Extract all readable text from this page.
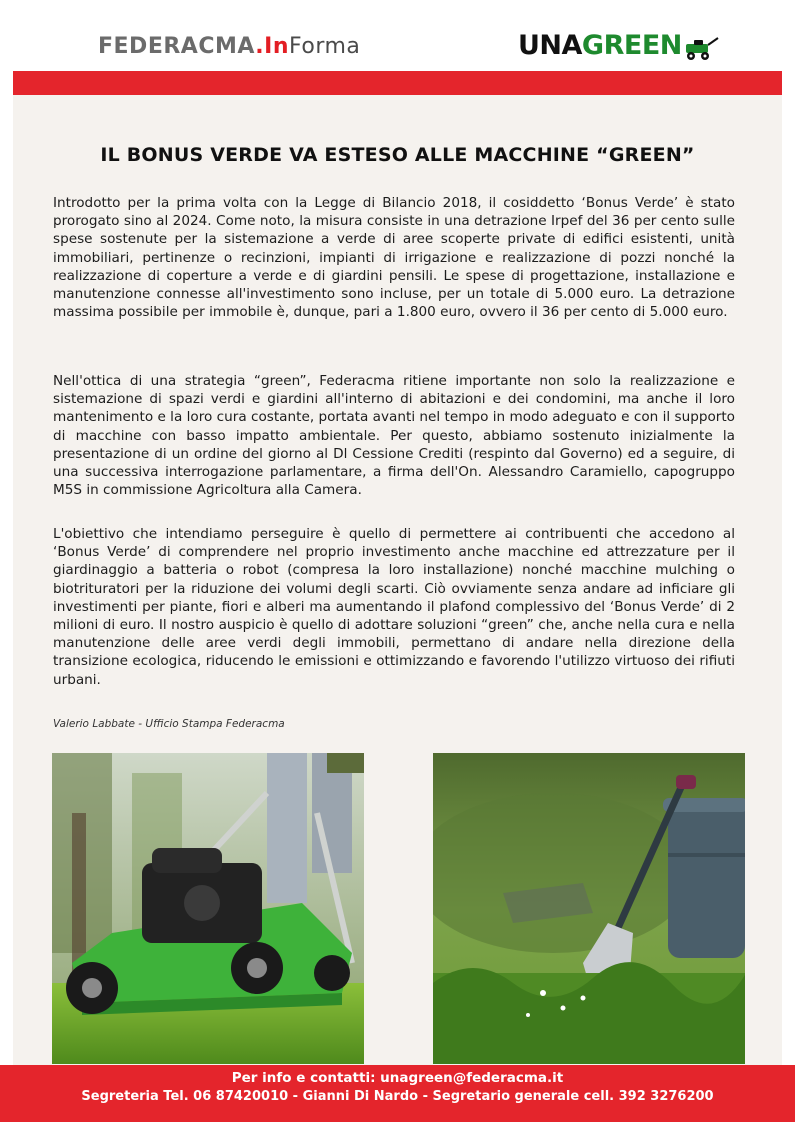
FEDERACMA.InForma	UNAGREEN
IL BONUS VERDE VA ESTESO ALLE MACCHINE “GREEN”

Introdotto per la prima volta con la Legge di Bilancio 2018, il cosiddetto ‘Bonus Verde’ è stato prorogato sino al 2024. Come noto, la misura consiste in una detrazione Irpef del 36 per cento sulle spese sostenute per la sistemazione a verde di aree scoperte private di edifici esistenti, unità immobiliari, pertinenze o recinzioni, impianti di irrigazione e realizzazione di pozzi nonché la realizzazione di coperture a verde e di giardini pensili. Le spese di progettazione, installazione e manutenzione connesse all'investimento sono incluse, per un totale di 5.000 euro. La detrazione massima possibile per immobile è, dunque, pari a 1.800 euro, ovvero il 36 per cento di 5.000 euro.

Nell'ottica di una strategia “green”, Federacma ritiene importante non solo la realizzazione e sistemazione di spazi verdi e giardini all'interno di abitazioni e dei condomini, ma anche il loro mantenimento e la loro cura costante, portata avanti nel tempo in modo adeguato e con il supporto di macchine con basso impatto ambientale. Per questo, abbiamo sostenuto inizialmente la presentazione di un ordine del giorno al Dl Cessione Crediti (respinto dal Governo) ed a seguire, di una successiva interrogazione parlamentare, a firma dell'On. Alessandro Caramiello, capogruppo M5S in commissione Agricoltura alla Camera.

L'obiettivo che intendiamo perseguire è quello di permettere ai contribuenti che accedono al ‘Bonus Verde’ di comprendere nel proprio investimento anche macchine ed attrezzature per il giardinaggio a batteria o robot (compresa la loro installazione) nonché macchine mulching o biotrituratori per la riduzione dei volumi degli scarti. Ciò ovviamente senza andare ad inficiare gli investimenti per piante, fiori e alberi ma aumentando il plafond complessivo del ‘Bonus Verde’ di 2 milioni di euro. Il nostro auspicio è quello di adottare soluzioni “green” che, anche nella cura e nella manutenzione delle aree verdi degli immobili, permettano di andare nella direzione della transizione ecologica, riducendo le emissioni e ottimizzando e favorendo l'utilizzo virtuoso dei rifiuti urbani.

Valerio Labbate - Ufficio Stampa Federacma
Per info e contatti: unagreen@federacma.it
Segreteria Tel. 06 87420010 - Gianni Di Nardo - Segretario generale cell. 392 3276200
